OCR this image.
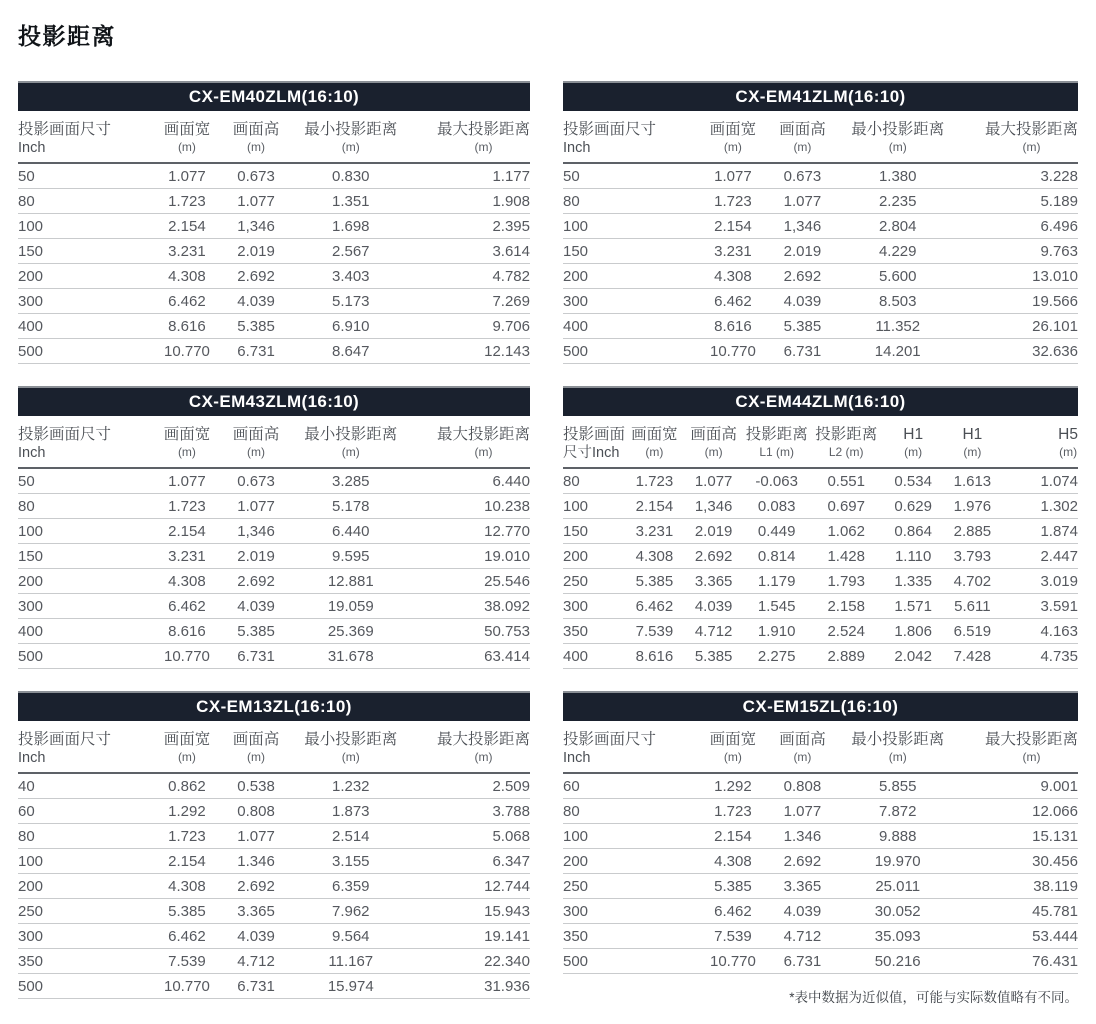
投影距离
CX-EM40ZLM(16:10)
投影画面尺寸
Inch

画面宽
(m)

画面高
(m)

最小投影距离
(m)

最大投影距离
(m)

50	1.077	0.673	0.830	1.177
80	1.723	1.077	1.351	1.908
100	2.154	1,346	1.698	2.395
150	3.231	2.019	2.567	3.614
200	4.308	2.692	3.403	4.782
300	6.462	4.039	5.173	7.269
400	8.616	5.385	6.910	9.706
500	10.770	6.731	8.647	12.143
CX-EM41ZLM(16:10)
投影画面尺寸
Inch

画面宽
(m)

画面高
(m)

最小投影距离
(m)

最大投影距离
(m)

50	1.077	0.673	1.380	3.228
80	1.723	1.077	2.235	5.189
100	2.154	1,346	2.804	6.496
150	3.231	2.019	4.229	9.763
200	4.308	2.692	5.600	13.010
300	6.462	4.039	8.503	19.566
400	8.616	5.385	11.352	26.101
500	10.770	6.731	14.201	32.636
CX-EM43ZLM(16:10)
投影画面尺寸
Inch

画面宽
(m)

画面高
(m)

最小投影距离
(m)

最大投影距离
(m)

50	1.077	0.673	3.285	6.440
80	1.723	1.077	5.178	10.238
100	2.154	1,346	6.440	12.770
150	3.231	2.019	9.595	19.010
200	4.308	2.692	12.881	25.546
300	6.462	4.039	19.059	38.092
400	8.616	5.385	25.369	50.753
500	10.770	6.731	31.678	63.414
CX-EM44ZLM(16:10)
投影画面
尺寸Inch

画面宽
(m)

画面高
(m)

投影距离
L1 (m)

投影距离
L2 (m)

H1
(m)

H1
(m)

H5
(m)

80	1.723	1.077	-0.063	0.551	0.534	1.613	1.074
100	2.154	1,346	0.083	0.697	0.629	1.976	1.302
150	3.231	2.019	0.449	1.062	0.864	2.885	1.874
200	4.308	2.692	0.814	1.428	1.110	3.793	2.447
250	5.385	3.365	1.179	1.793	1.335	4.702	3.019
300	6.462	4.039	1.545	2.158	1.571	5.611	3.591
350	7.539	4.712	1.910	2.524	1.806	6.519	4.163
400	8.616	5.385	2.275	2.889	2.042	7.428	4.735
CX-EM13ZL(16:10)
投影画面尺寸
Inch

画面宽
(m)

画面高
(m)

最小投影距离
(m)

最大投影距离
(m)

40	0.862	0.538	1.232	2.509
60	1.292	0.808	1.873	3.788
80	1.723	1.077	2.514	5.068
100	2.154	1.346	3.155	6.347
200	4.308	2.692	6.359	12.744
250	5.385	3.365	7.962	15.943
300	6.462	4.039	9.564	19.141
350	7.539	4.712	11.167	22.340
500	10.770	6.731	15.974	31.936
CX-EM15ZL(16:10)
投影画面尺寸
Inch

画面宽
(m)

画面高
(m)

最小投影距离
(m)

最大投影距离
(m)

60	1.292	0.808	5.855	9.001
80	1.723	1.077	7.872	12.066
100	2.154	1.346	9.888	15.131
200	4.308	2.692	19.970	30.456
250	5.385	3.365	25.011	38.119
300	6.462	4.039	30.052	45.781
350	7.539	4.712	35.093	53.444
500	10.770	6.731	50.216	76.431
*表中数据为近似值，可能与实际数值略有不同。
